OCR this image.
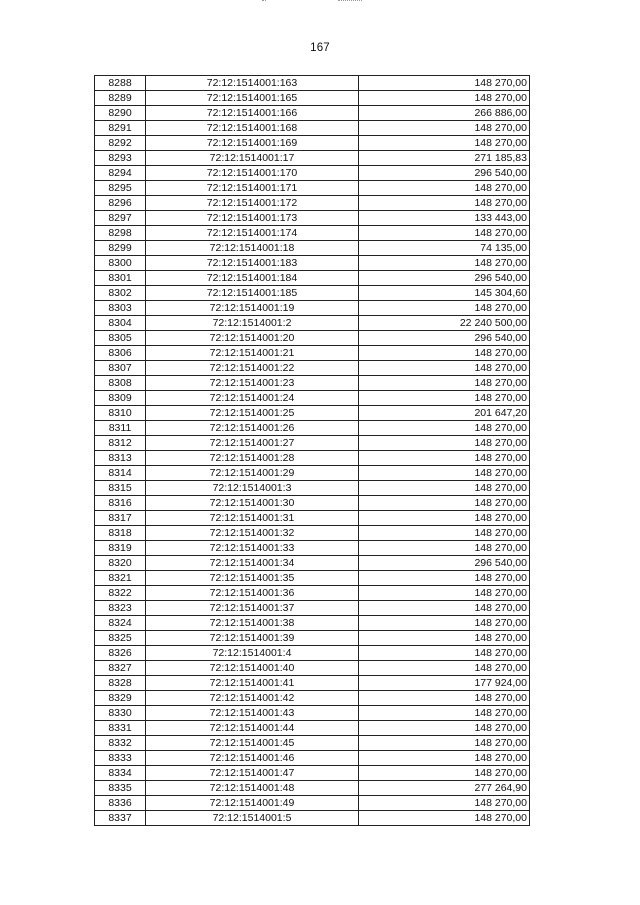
167
8288	72:12:1514001:163	148 270,00
8289	72:12:1514001:165	148 270,00
8290	72:12:1514001:166	266 886,00
8291	72:12:1514001:168	148 270,00
8292	72:12:1514001:169	148 270,00
8293	72:12:1514001:17	271 185,83
8294	72:12:1514001:170	296 540,00
8295	72:12:1514001:171	148 270,00
8296	72:12:1514001:172	148 270,00
8297	72:12:1514001:173	133 443,00
8298	72:12:1514001:174	148 270,00
8299	72:12:1514001:18	74 135,00
8300	72:12:1514001:183	148 270,00
8301	72:12:1514001:184	296 540,00
8302	72:12:1514001:185	145 304,60
8303	72:12:1514001:19	148 270,00
8304	72:12:1514001:2	22 240 500,00
8305	72:12:1514001:20	296 540,00
8306	72:12:1514001:21	148 270,00
8307	72:12:1514001:22	148 270,00
8308	72:12:1514001:23	148 270,00
8309	72:12:1514001:24	148 270,00
8310	72:12:1514001:25	201 647,20
8311	72:12:1514001:26	148 270,00
8312	72:12:1514001:27	148 270,00
8313	72:12:1514001:28	148 270,00
8314	72:12:1514001:29	148 270,00
8315	72:12:1514001:3	148 270,00
8316	72:12:1514001:30	148 270,00
8317	72:12:1514001:31	148 270,00
8318	72:12:1514001:32	148 270,00
8319	72:12:1514001:33	148 270,00
8320	72:12:1514001:34	296 540,00
8321	72:12:1514001:35	148 270,00
8322	72:12:1514001:36	148 270,00
8323	72:12:1514001:37	148 270,00
8324	72:12:1514001:38	148 270,00
8325	72:12:1514001:39	148 270,00
8326	72:12:1514001:4	148 270,00
8327	72:12:1514001:40	148 270,00
8328	72:12:1514001:41	177 924,00
8329	72:12:1514001:42	148 270,00
8330	72:12:1514001:43	148 270,00
8331	72:12:1514001:44	148 270,00
8332	72:12:1514001:45	148 270,00
8333	72:12:1514001:46	148 270,00
8334	72:12:1514001:47	148 270,00
8335	72:12:1514001:48	277 264,90
8336	72:12:1514001:49	148 270,00
8337	72:12:1514001:5	148 270,00
